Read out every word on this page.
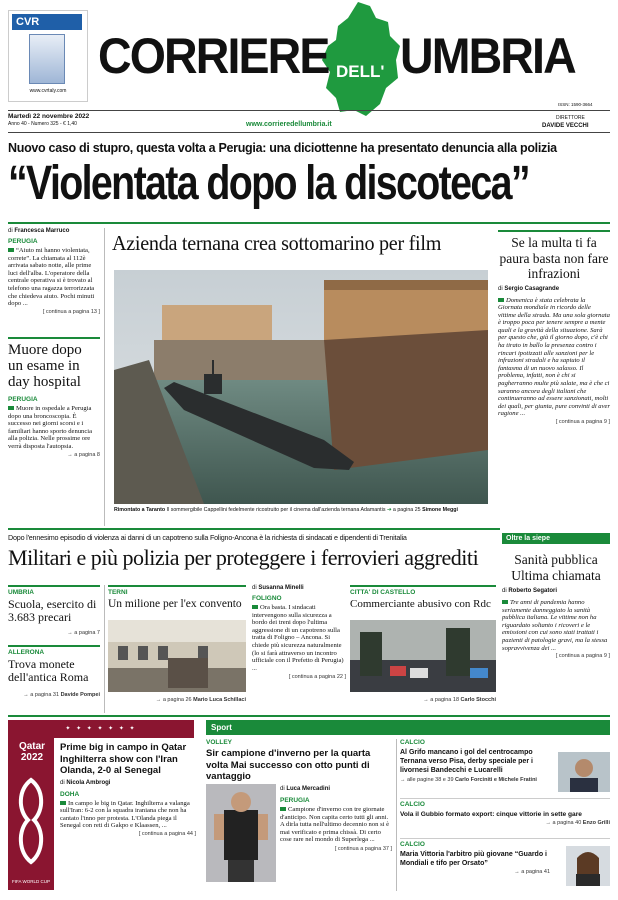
CVR
www.cvrtaly.com
CORRIERE DELL' UMBRIA
ISSN: 1590-3664
Martedì 22 novembre 2022
Anno 40 - Numero 325 - € 1,40	www.corrieredellumbria.it
DIRETTORE
DAVIDE VECCHI
Nuovo caso di stupro, questa volta a Perugia: una diciottenne ha presentato denuncia alla polizia
“Violentata dopo la discoteca”
di Francesca Marruco
PERUGIA
“Aiuto mi hanno violentata, correte”. La chiamata al 112è arrivata sabato notte, alle prime luci dell'alba. L'operatore della centrale operativa si è trovato al telefono una ragazza terrorizzata che chiedeva aiuto. Pochi minuti dopo ...
[ continua a pagina 13 ]
Muore dopo un esame in day hospital
PERUGIA
Muore in ospedale a Perugia dopo una broncoscopia. È successo nei giorni scorsi e i familiari hanno sporto denuncia alla polizia. Nelle prossime ore verrà disposta l'autopsia.
→ a pagina 8
Azienda ternana crea sottomarino per film
Rimontato a Taranto Il sommergibile Cappellini fedelmente ricostruito per il cinema dall'azienda ternana Adamantis ➔ a pagina 25 Simone Meggi
Se la multa ti fa paura basta non fare infrazioni
di Sergio Casagrande
Domenica è stata celebrata la Giornata mondiale in ricordo delle vittime della strada. Ma una sola giornata è troppo poca per tenere sempre a mente quali e la gravità della situazione. Sarà per questo che, già il giorno dopo, c'è chi ha tirato in ballo la presenza contro i rincari ipotizzati alle sanzioni per le infrazioni stradali e ha sapiuto il fantasma di un nuovo salasso. Il problema, infatti, non è chi si pagherranno multe più salate, ma è che ci saranno ancora degli italiani che continueranno ad essere sanzionati, molti dei quali, per giunta, pure convinti di aver ragione ...
[ continua a pagina 9 ]
Dopo l'ennesimo episodio di violenza ai danni di un capotreno sulla Foligno-Ancona è la richiesta di sindacati e dipendenti di Trenitalia
Militari e più polizia per proteggere i ferrovieri aggrediti
Oltre la siepe
UMBRIA
Scuola, esercito di 3.683 precari
→ a pagina 7
ALLERONA
Trova monete dell'antica Roma
→ a pagina 31 Davide Pompei
TERNI
Un milione per l'ex convento
→ a pagina 26 Mario Luca Schillaci
di Susanna Minelli
FOLIGNO
Ora basta. I sindacati intervengono sulla sicurezza a bordo dei treni dopo l'ultima aggressione di un capotreno sulla tratta di Foligno – Ancona. Si chiede più sicurezza naturalmente (lo si farà attraverso un incontro ufficiale con il Prefetto di Perugia) ...
[ continua a pagina 22 ]
CITTA' DI CASTELLO
Commerciante abusivo con Rdc
→ a pagina 18 Carlo Stocchi
Sanità pubblica Ultima chiamata
di Roberto Segatori
Tre anni di pandemia hanno seriamente danneggiato la sanità pubblica italiana. Le vittime non ha riguardato soltanto i ricoveri e le emissioni con cui sono stati trattati i pazienti di patologie gravi, ma la stessa sopravvivenza dei ...
[ continua a pagina 9 ]
✦ ✦ ✦ ✦ ✦ ✦ ✦
Qatar 2022
FIFA WORLD CUP
Prime big in campo in Qatar Inghilterra show con l'Iran Olanda, 2-0 al Senegal
di Nicola Ambrogi
DOHA
In campo le big in Qatar. Inghilterra a valanga sull'Iran: 6-2 con la squadra iraniana che non ha cantato l'inno per protesta. L'Olanda piega il Senegal con reti di Gakpo e Klaassen, ...
[ continua a pagina 44 ]
Sport
VOLLEY
Sir campione d'inverno per la quarta volta Mai successo con otto punti di vantaggio
di Luca Mercadini
PERUGIA
Campione d'inverno con tre giornate d'anticipo. Non capita certo tutti gli anni. A dirla tutta nell'ultimo decennio non si è mai verificato e prima chissà. Di certo cose rare nel mondo di Superlega ...
[ continua a pagina 37 ]
CALCIO
Al Grifo mancano i gol del centrocampo Ternana verso Pisa, derby speciale per i livornesi Bandecchi e Lucarelli
→ alle pagine 38 e 39 Carlo Forciniti e Michele Fratini
CALCIO
Vola il Gubbio formato export: cinque vittorie in sette gare
→ a pagina 40 Enzo Grilli
CALCIO
Maria Vittoria l'arbitro più giovane “Guardo i Mondiali e tifo per Orsato”
→ a pagina 41
